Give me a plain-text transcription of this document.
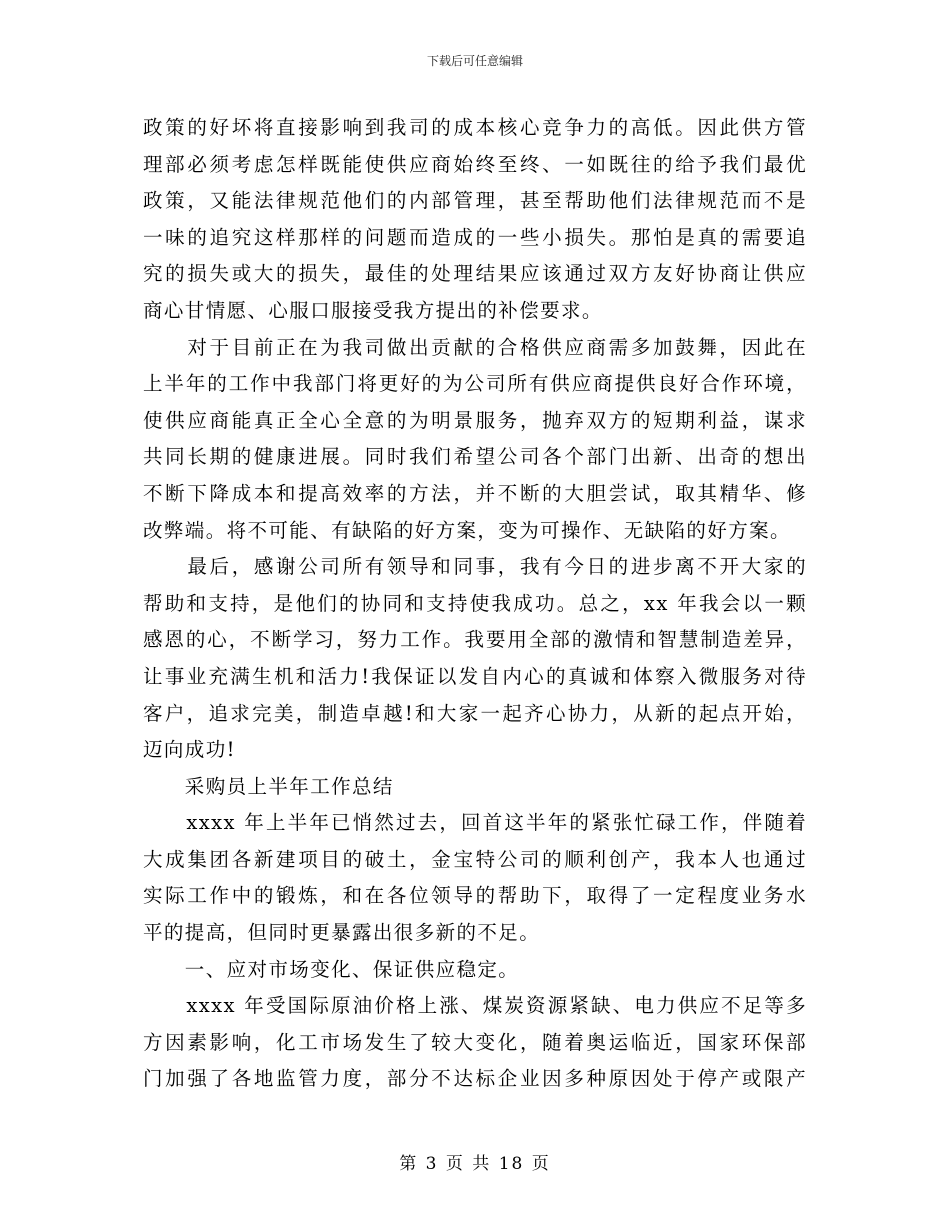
下载后可任意编辑
政策的好坏将直接影响到我司的成本核心竞争力的高低。因此供方管
理部必须考虑怎样既能使供应商始终至终、一如既往的给予我们最优
政策，又能法律规范他们的内部管理，甚至帮助他们法律规范而不是
一味的追究这样那样的问题而造成的一些小损失。那怕是真的需要追
究的损失或大的损失，最佳的处理结果应该通过双方友好协商让供应
商心甘情愿、心服口服接受我方提出的补偿要求。
　　对于目前正在为我司做出贡献的合格供应商需多加鼓舞，因此在
上半年的工作中我部门将更好的为公司所有供应商提供良好合作环境，
使供应商能真正全心全意的为明景服务，抛弃双方的短期利益，谋求
共同长期的健康进展。同时我们希望公司各个部门出新、出奇的想出
不断下降成本和提高效率的方法，并不断的大胆尝试，取其精华、修
改弊端。将不可能、有缺陷的好方案，变为可操作、无缺陷的好方案。
　　最后，感谢公司所有领导和同事，我有今日的进步离不开大家的
帮助和支持，是他们的协同和支持使我成功。总之，xx 年我会以一颗
感恩的心，不断学习，努力工作。我要用全部的激情和智慧制造差异，
让事业充满生机和活力!我保证以发自内心的真诚和体察入微服务对待
客户，追求完美，制造卓越!和大家一起齐心协力，从新的起点开始，
迈向成功!
　　采购员上半年工作总结
　　xxxx 年上半年已悄然过去，回首这半年的紧张忙碌工作，伴随着
大成集团各新建项目的破土，金宝特公司的顺利创产，我本人也通过
实际工作中的锻炼，和在各位领导的帮助下，取得了一定程度业务水
平的提高，但同时更暴露出很多新的不足。
　　一、应对市场变化、保证供应稳定。
　　xxxx 年受国际原油价格上涨、煤炭资源紧缺、电力供应不足等多
方因素影响，化工市场发生了较大变化，随着奥运临近，国家环保部
门加强了各地监管力度，部分不达标企业因多种原因处于停产或限产
第 3 页 共 18 页
